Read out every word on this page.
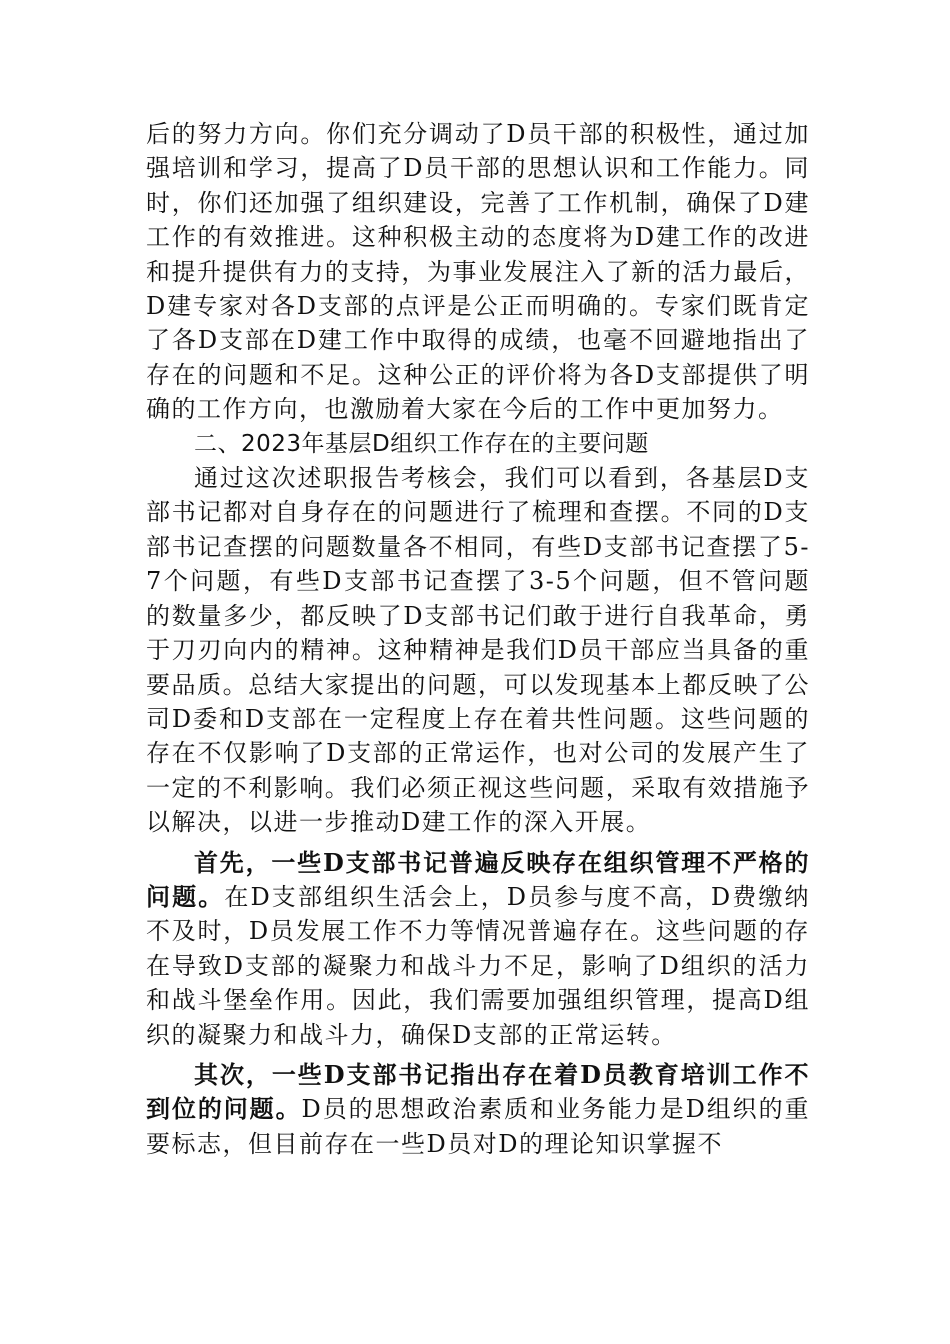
后的努力方向。你们充分调动了D员干部的积极性，通过加强培训和学习，提高了D员干部的思想认识和工作能力。同时，你们还加强了组织建设，完善了工作机制，确保了D建工作的有效推进。这种积极主动的态度将为D建工作的改进和提升提供有力的支持，为事业发展注入了新的活力最后，D建专家对各D支部的点评是公正而明确的。专家们既肯定了各D支部在D建工作中取得的成绩，也毫不回避地指出了存在的问题和不足。这种公正的评价将为各D支部提供了明确的工作方向，也激励着大家在今后的工作中更加努力。

二、2023年基层D组织工作存在的主要问题

通过这次述职报告考核会，我们可以看到，各基层D支部书记都对自身存在的问题进行了梳理和查摆。不同的D支部书记查摆的问题数量各不相同，有些D支部书记查摆了5-7个问题，有些D支部书记查摆了3-5个问题，但不管问题的数量多少，都反映了D支部书记们敢于进行自我革命，勇于刀刃向内的精神。这种精神是我们D员干部应当具备的重要品质。总结大家提出的问题，可以发现基本上都反映了公司D委和D支部在一定程度上存在着共性问题。这些问题的存在不仅影响了D支部的正常运作，也对公司的发展产生了一定的不利影响。我们必须正视这些问题，采取有效措施予以解决，以进一步推动D建工作的深入开展。

首先，一些D支部书记普遍反映存在组织管理不严格的问题。在D支部组织生活会上，D员参与度不高，D费缴纳不及时，D员发展工作不力等情况普遍存在。这些问题的存在导致D支部的凝聚力和战斗力不足，影响了D组织的活力和战斗堡垒作用。因此，我们需要加强组织管理，提高D组织的凝聚力和战斗力，确保D支部的正常运转。

其次，一些D支部书记指出存在着D员教育培训工作不到位的问题。D员的思想政治素质和业务能力是D组织的重要标志，但目前存在一些D员对D的理论知识掌握不
